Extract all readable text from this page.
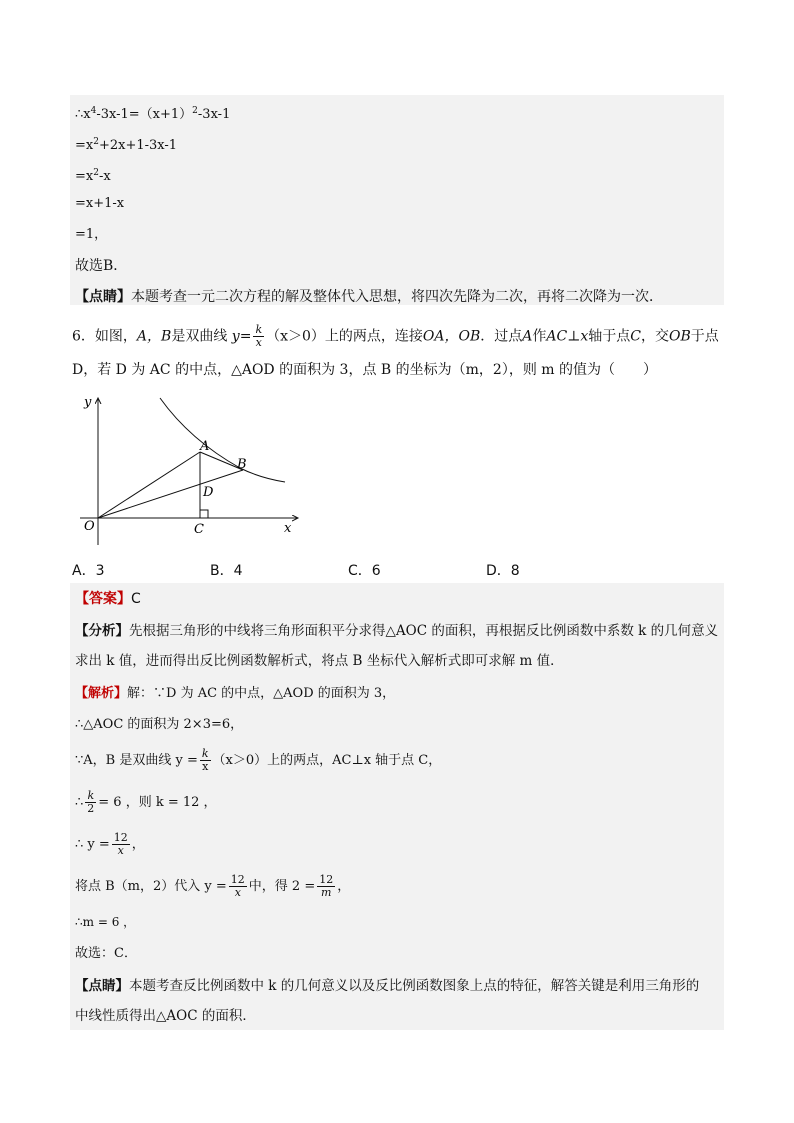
$\therefore x^4-3x-1=(x+1)^2-3x-1$
$=x^2+2x+1-3x-1$
$=x^2-x$
=x+1-x
=1，
故选B．
【点睛】本题考查一元二次方程的解及整体代入思想，将四次先降为二次，再将二次降为一次．
6．如图，A，B是双曲线 $y= \frac{k}{x} (x>0)$上的两点，连接OA，OB．过点A作AC⊥x轴于点C，交OB于点
D，若 D 为 AC 的中点，△AOD 的面积为 3，点 B 的坐标为（m，2），则 m 的值为（　　）
y
x
O
A
B
C
D
A．3	B．4	C．6	D．8
【答案】C
【分析】先根据三角形的中线将三角形面积平分求得△AOC 的面积，再根据反比例函数中系数 k 的几何意义
求出 k 值，进而得出反比例函数解析式，将点 B 坐标代入解析式即可求解 m 值．
【解析】解：∵D 为 AC 的中点，△AOD 的面积为 3，
∴△AOC 的面积为 2×3=6，
∵A，B 是双曲线 $y = \frac{k}{x} (x>0)$上的两点，AC⊥x 轴于点 C，
∴ $\frac{k}{2} = 6$ ，则 k = 12 ，
∴ $y = \frac{12}{x}$ ，
将点 B（m，2）代入 $y = \frac{12}{x}$ 中，得 $2 = \frac{12}{m}$ ，
∴m = 6 ，
故选：C．
【点睛】本题考查反比例函数中 k 的几何意义以及反比例函数图象上点的特征，解答关键是利用三角形的
中线性质得出△AOC 的面积．
